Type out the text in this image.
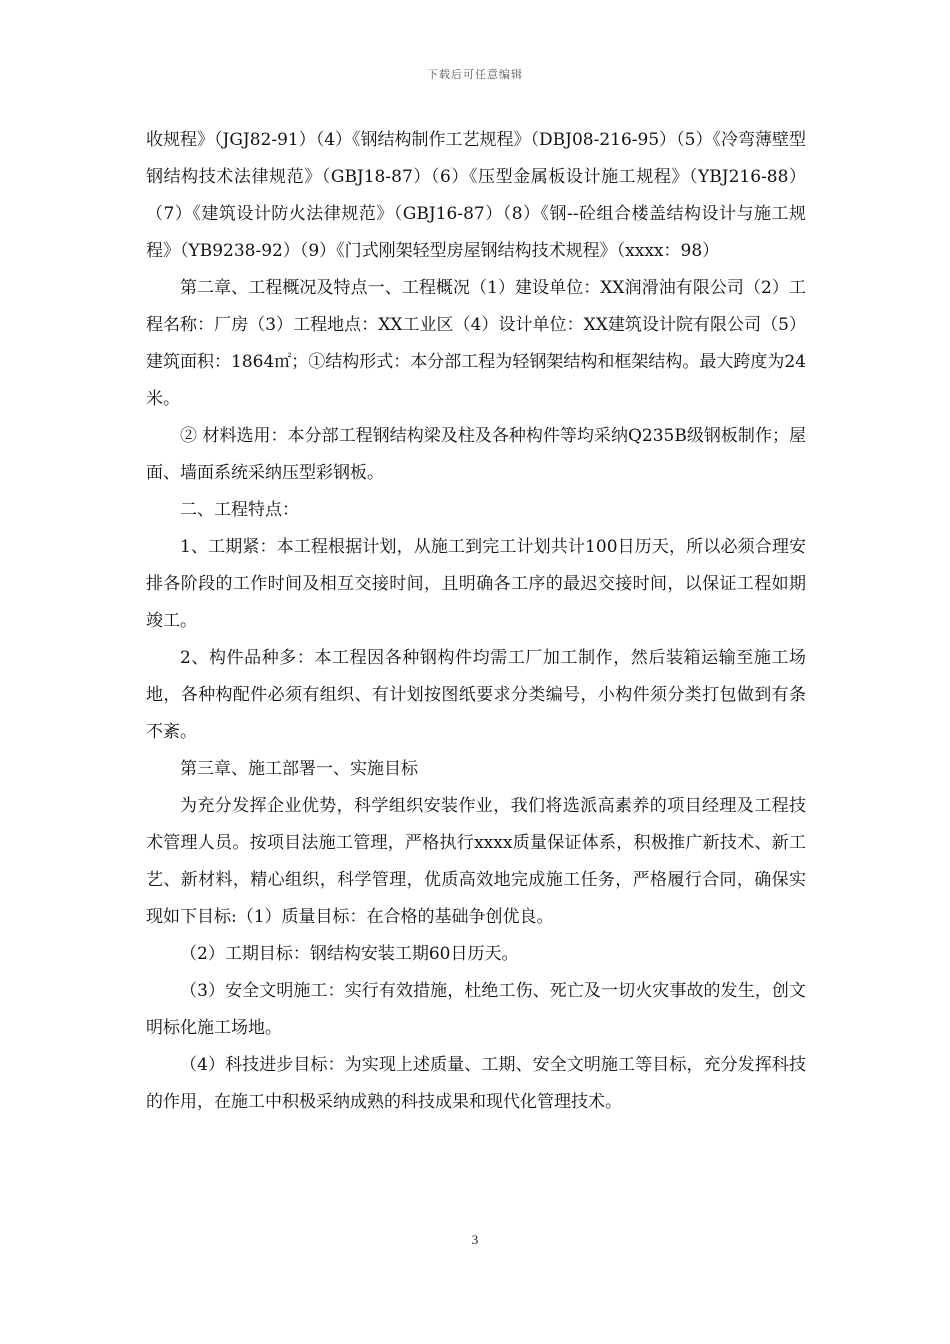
下载后可任意编辑

收规程》（JGJ82-91）（4）《钢结构制作工艺规程》（DBJ08-216-95）（5）《冷弯薄壁型钢结构技术法律规范》（GBJ18-87）（6）《压型金属板设计施工规程》（YBJ216-88）（7）《建筑设计防火法律规范》（GBJ16-87）（8）《钢--砼组合楼盖结构设计与施工规程》（YB9238-92）（9）《门式刚架轻型房屋钢结构技术规程》（xxxx：98）

第二章、工程概况及特点一、工程概况（1）建设单位：XX润滑油有限公司（2）工程名称：厂房（3）工程地点：XX工业区（4）设计单位：XX建筑设计院有限公司（5）建筑面积：1864㎡；①结构形式：本分部工程为轻钢架结构和框架结构。最大跨度为24米。

② 材料选用：本分部工程钢结构梁及柱及各种构件等均采纳Q235B级钢板制作；屋面、墙面系统采纳压型彩钢板。

二、工程特点：

1、工期紧：本工程根据计划，从施工到完工计划共计100日历天，所以必须合理安排各阶段的工作时间及相互交接时间，且明确各工序的最迟交接时间，以保证工程如期竣工。

2、构件品种多：本工程因各种钢构件均需工厂加工制作，然后装箱运输至施工场地，各种构配件必须有组织、有计划按图纸要求分类编号，小构件须分类打包做到有条不紊。

第三章、施工部署一、实施目标

为充分发挥企业优势，科学组织安装作业，我们将选派高素养的项目经理及工程技术管理人员。按项目法施工管理，严格执行xxxx质量保证体系，积极推广新技术、新工艺、新材料，精心组织，科学管理，优质高效地完成施工任务，严格履行合同，确保实现如下目标:（1）质量目标：在合格的基础争创优良。

（2）工期目标：钢结构安装工期60日历天。

（3）安全文明施工：实行有效措施，杜绝工伤、死亡及一切火灾事故的发生，创文明标化施工场地。

（4）科技进步目标：为实现上述质量、工期、安全文明施工等目标，充分发挥科技的作用，在施工中积极采纳成熟的科技成果和现代化管理技术。

3
